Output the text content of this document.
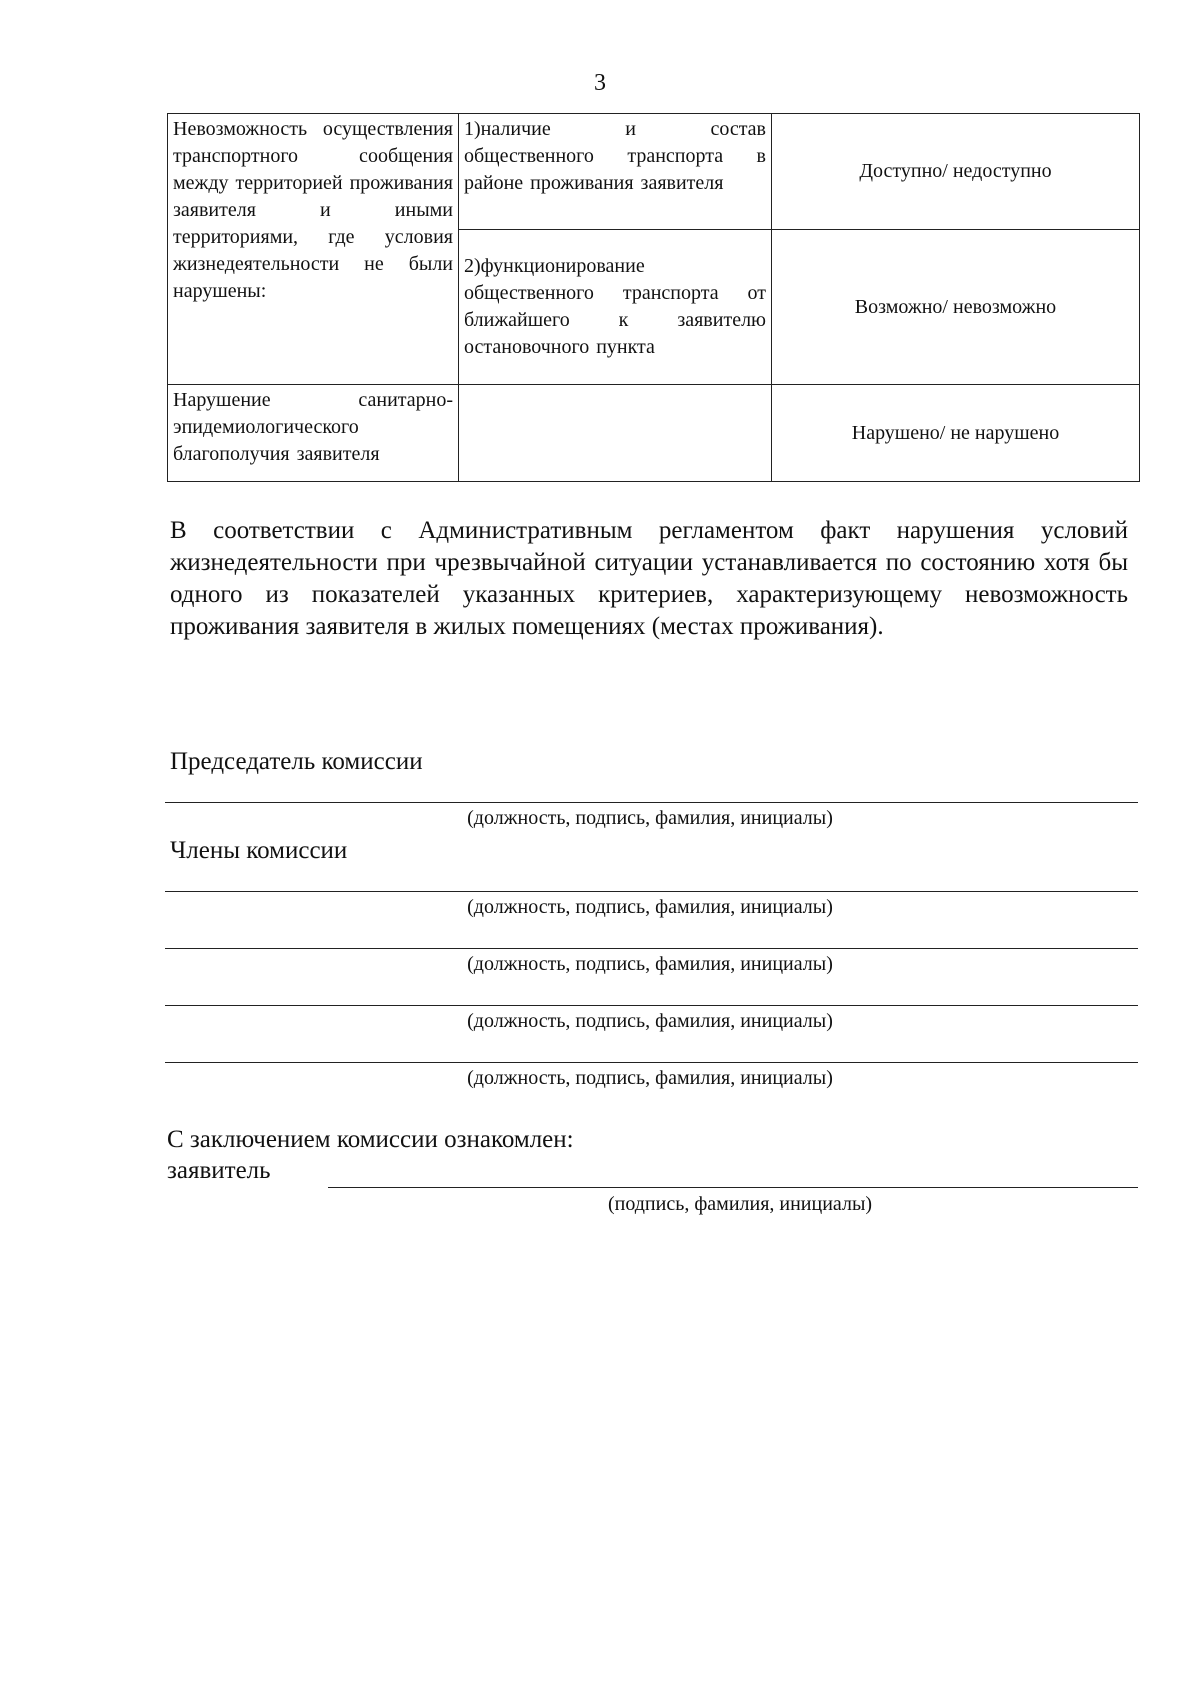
3
Невозможность осуществления транспортного сообщения между территорией проживания заявителя и иными территориями, где условия жизнедеятельности не были нарушены:	1)наличие и состав общественного транспорта в районе проживания заявителя	Доступно/ недоступно
	2)функционирование общественного транспорта от ближайшего к заявителю остановочного пункта	Возможно/ невозможно
Нарушение санитарно-эпидемиологического благополучия заявителя		Нарушено/ не нарушено
В соответствии с Административным регламентом факт нарушения условий жизнедеятельности при чрезвычайной ситуации устанавливается по состоянию хотя бы одного из показателей указанных критериев, характеризующему невозможность проживания заявителя в жилых помещениях (местах проживания).
Председатель комиссии
(должность, подпись, фамилия, инициалы)
Члены комиссии
(должность, подпись, фамилия, инициалы)
(должность, подпись, фамилия, инициалы)
(должность, подпись, фамилия, инициалы)
(должность, подпись, фамилия, инициалы)
С заключением комиссии ознакомлен:
заявитель
(подпись, фамилия, инициалы)
